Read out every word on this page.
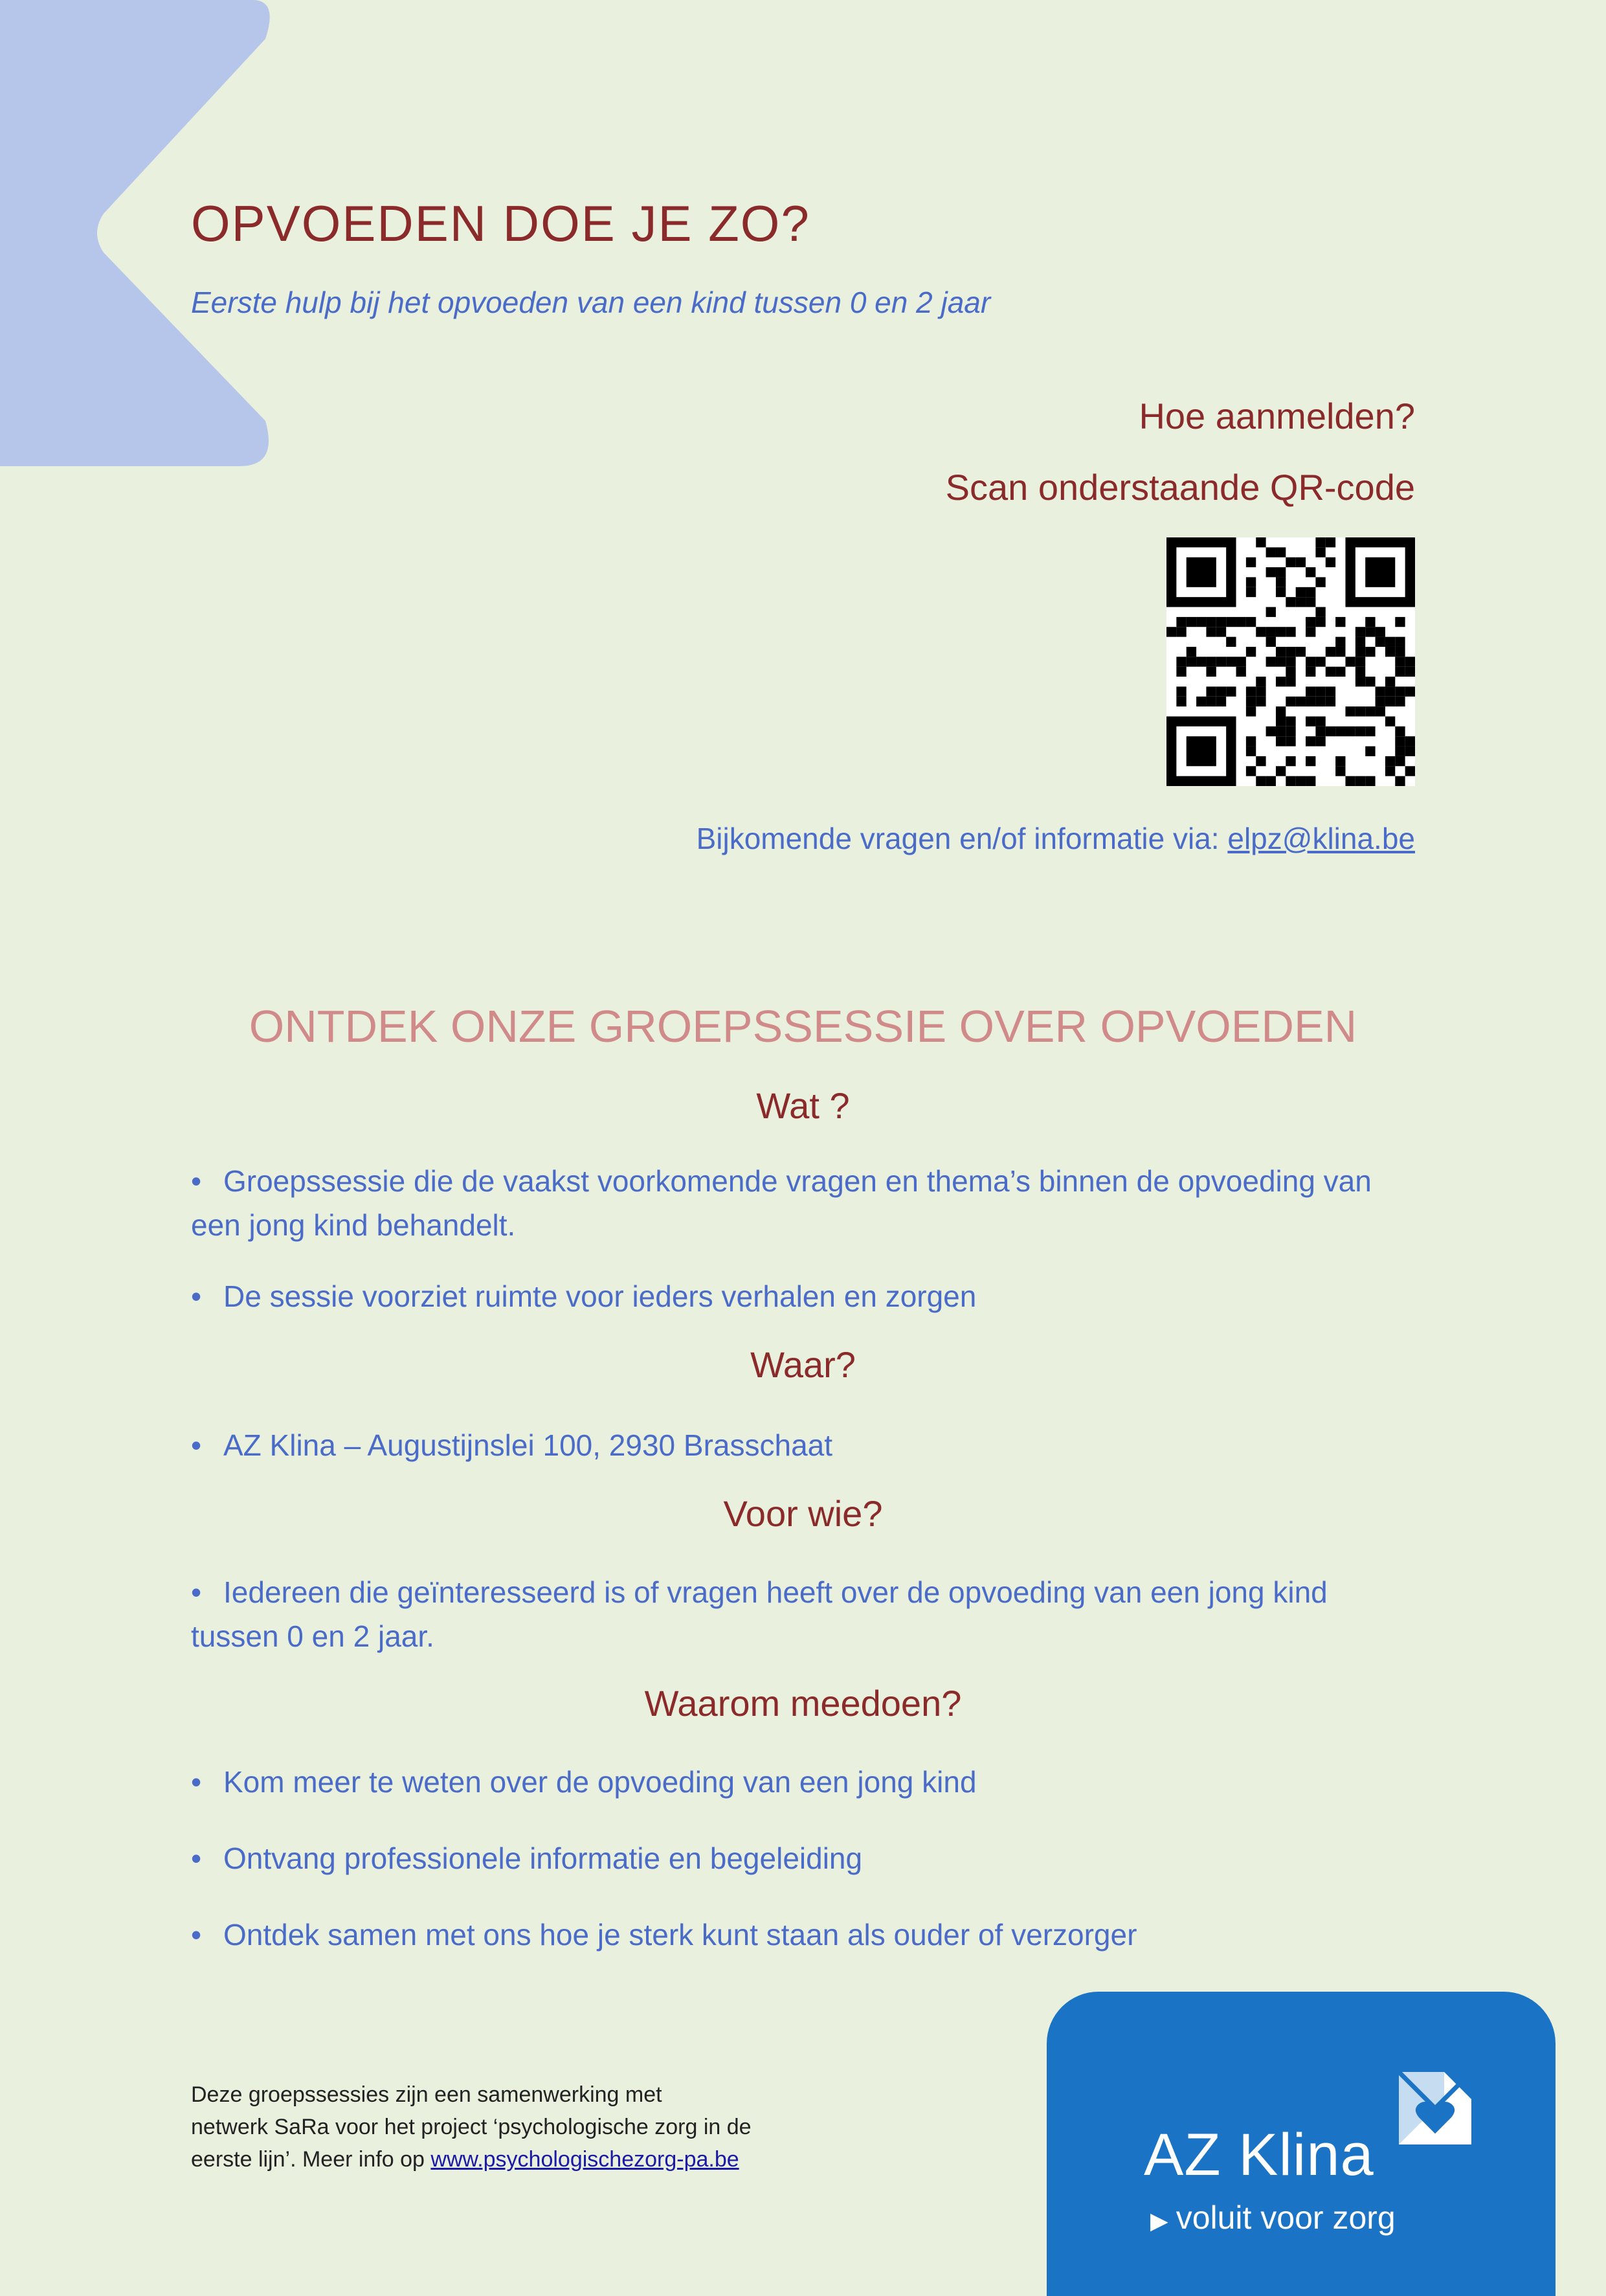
OPVOEDEN DOE JE ZO?

Eerste hulp bij het opvoeden van een kind tussen 0 en 2 jaar

Hoe aanmelden?
Scan onderstaande QR-code
Bijkomende vragen en/of informatie via: elpz@klina.be
ONTDEK ONZE GROEPSSESSIE OVER OPVOEDEN
Wat ?
• Groepssessie die de vaakst voorkomende vragen en thema’s binnen de opvoeding van een jong kind behandelt.
• De sessie voorziet ruimte voor ieders verhalen en zorgen
Waar?
• AZ Klina – Augustijnslei 100, 2930 Brasschaat
Voor wie?
• Iedereen die geïnteresseerd is of vragen heeft over de opvoeding van een jong kind tussen 0 en 2 jaar.
Waarom meedoen?
• Kom meer te weten over de opvoeding van een jong kind
• Ontvang professionele informatie en begeleiding
• Ontdek samen met ons hoe je sterk kunt staan als ouder of verzorger
Deze groepssessies zijn een samenwerking met
netwerk SaRa voor het project ‘psychologische zorg in de
eerste lijn’. Meer info op www.psychologischezorg-pa.be	AZ Klina
▶ voluit voor zorg
